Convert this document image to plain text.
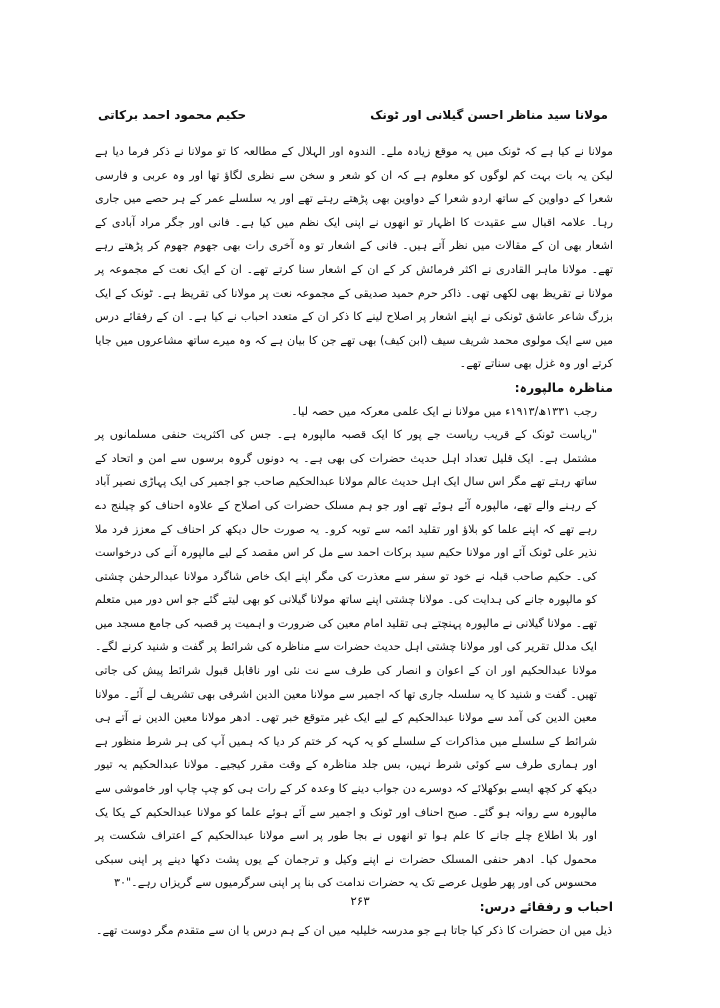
مولانا سید مناظر احسن گیلانی اور ٹونک
حکیم محمود احمد برکاتی

مولانا نے کیا ہے کہ ٹونک میں یہ موقع زیادہ ملے۔ الندوہ اور الہلال کے مطالعہ کا تو مولانا نے ذکر فرما دیا ہے لیکن یہ بات بہت کم لوگوں کو معلوم ہے کہ ان کو شعر و سخن سے نظری لگاؤ تھا اور وہ عربی و فارسی شعرا کے دواوین کے ساتھ اردو شعرا کے دواوین بھی پڑھتے رہتے تھے اور یہ سلسلے عمر کے ہر حصے میں جاری رہا۔ علامہ اقبال سے عقیدت کا اظہار تو انھوں نے اپنی ایک نظم میں کیا ہے۔ فانی اور جگر مراد آبادی کے اشعار بھی ان کے مقالات میں نظر آتے ہیں۔ فانی کے اشعار تو وہ آخری رات بھی جھوم جھوم کر پڑھتے رہے تھے۔ مولانا ماہر القادری نے اکثر فرمائش کر کے ان کے اشعار سنا کرتے تھے۔ ان کے ایک نعت کے مجموعہ پر مولانا نے تقریظ بھی لکھی تھی۔ ذاکر حرم حمید صدیقی کے مجموعہ نعت پر مولانا کی تقریظ ہے۔ ٹونک کے ایک بزرگ شاعر عاشق ٹونکی نے اپنے اشعار پر اصلاح لینے کا ذکر ان کے متعدد احباب نے کیا ہے۔ ان کے رفقائے درس میں سے ایک مولوی محمد شریف سیف (ابن کیف) بھی تھے جن کا بیان ہے کہ وہ میرے ساتھ مشاعروں میں جایا کرتے اور وہ غزل بھی سناتے تھے۔

مناظرہ مالپورہ:

رجب ۱۳۳۱ھ/۱۹۱۳ء میں مولانا نے ایک علمی معرکہ میں حصہ لیا۔

"ریاست ٹونک کے قریب ریاست جے پور کا ایک قصبہ مالپورہ ہے۔ جس کی اکثریت حنفی مسلمانوں پر مشتمل ہے۔ ایک قلیل تعداد اہل حدیث حضرات کی بھی ہے۔ یہ دونوں گروہ برسوں سے امن و اتحاد کے ساتھ رہتے تھے مگر اس سال ایک اہل حدیث عالم مولانا عبدالحکیم صاحب جو اجمیر کی ایک پہاڑی نصیر آباد کے رہنے والے تھے، مالپورہ آئے ہوئے تھے اور جو ہم مسلک حضرات کی اصلاح کے علاوہ احناف کو چیلنج دے رہے تھے کہ اپنے علما کو بلاؤ اور تقلید ائمہ سے توبہ کرو۔ یہ صورت حال دیکھ کر احناف کے معزز فرد ملا نذیر علی ٹونک آئے اور مولانا حکیم سید برکات احمد سے مل کر اس مقصد کے لیے مالپورہ آنے کی درخواست کی۔ حکیم صاحب قبلہ نے خود تو سفر سے معذرت کی مگر اپنے ایک خاص شاگرد مولانا عبدالرحمٰن چشتی کو مالپورہ جانے کی ہدایت کی۔ مولانا چشتی اپنے ساتھ مولانا گیلانی کو بھی لیتے گئے جو اس دور میں متعلم تھے۔ مولانا گیلانی نے مالپورہ پہنچتے ہی تقلید امام معین کی ضرورت و اہمیت پر قصبہ کی جامع مسجد میں ایک مدلل تقریر کی اور مولانا چشتی اہل حدیث حضرات سے مناظرہ کی شرائط پر گفت و شنید کرنے لگے۔ مولانا عبدالحکیم اور ان کے اعوان و انصار کی طرف سے نت نئی اور ناقابل قبول شرائط پیش کی جاتی تھیں۔ گفت و شنید کا یہ سلسلہ جاری تھا کہ اجمیر سے مولانا معین الدین اشرفی بھی تشریف لے آئے۔ مولانا معین الدین کی آمد سے مولانا عبدالحکیم کے لیے ایک غیر متوقع خبر تھی۔ ادھر مولانا معین الدین نے آتے ہی شرائط کے سلسلے میں مذاکرات کے سلسلے کو یہ کہہ کر ختم کر دیا کہ ہمیں آپ کی ہر شرط منظور ہے اور ہماری طرف سے کوئی شرط نہیں، بس جلد مناظرہ کے وقت مقرر کیجیے۔ مولانا عبدالحکیم یہ تیور دیکھ کر کچھ ایسے بوکھلائے کہ دوسرے دن جواب دینے کا وعدہ کر کے رات ہی کو چپ چاپ اور خاموشی سے مالپورہ سے روانہ ہو گئے۔ صبح احناف اور ٹونک و اجمیر سے آئے ہوئے علما کو مولانا عبدالحکیم کے یکا یک اور بلا اطلاع چلے جانے کا علم ہوا تو انھوں نے بجا طور پر اسے مولانا عبدالحکیم کے اعتراف شکست پر محمول کیا۔ ادھر حنفی المسلک حضرات نے اپنے وکیل و ترجمان کے یوں پشت دکھا دینے پر اپنی سبکی محسوس کی اور پھر طویل عرصے تک یہ حضرات ندامت کی بنا پر اپنی سرگرمیوں سے گریزاں رہے۔"۳۰

احباب و رفقائے درس:

ذیل میں ان حضرات کا ذکر کیا جاتا ہے جو مدرسہ خلیلیہ میں ان کے ہم درس یا ان سے متقدم مگر دوست تھے۔

۲۶۳
